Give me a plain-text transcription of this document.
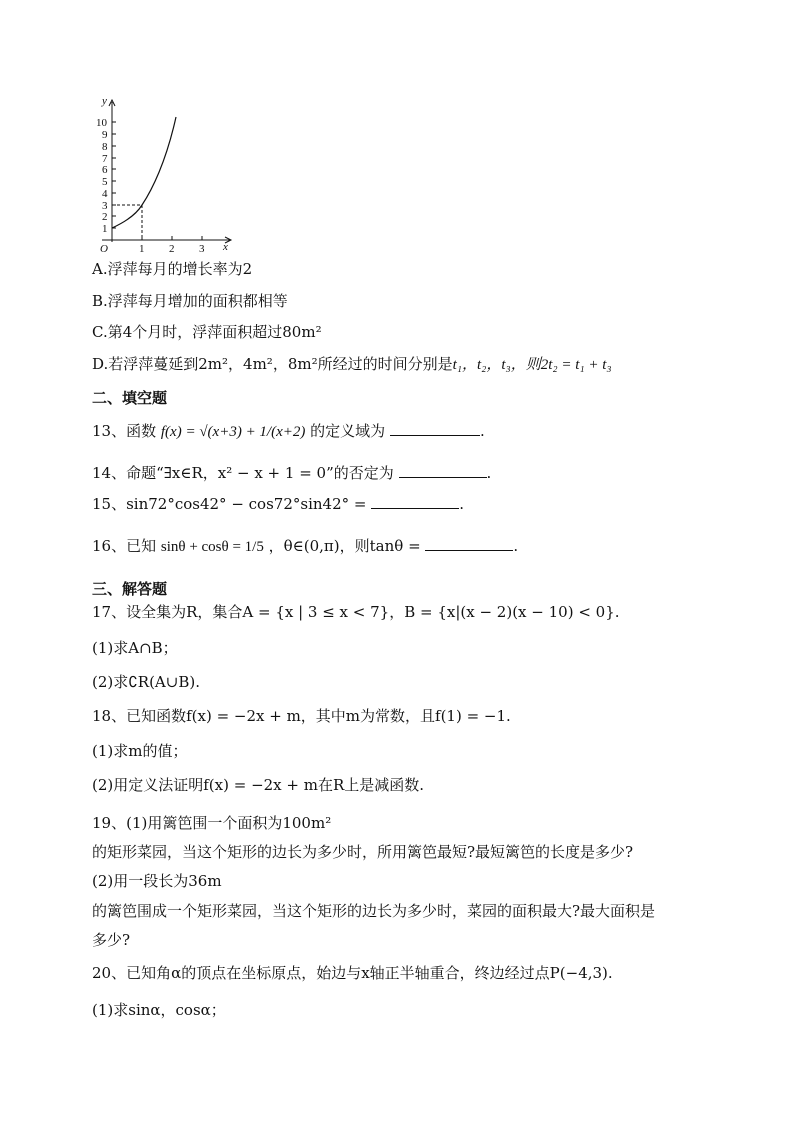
y
x
O
10
9
8
7
6
5
4
3
2
1
1 2 3
A.浮萍每月的增长率为2
B.浮萍每月增加的面积都相等
C.第4个月时，浮萍面积超过80m²
D.若浮萍蔓延到2m²，4m²，8m²所经过的时间分别是t₁，t₂，t₃，则2t₂ = t₁ + t₃
二、填空题
13、函数 f(x) = √(x+3) + 1/(x+2) 的定义域为	.
14、命题“∃x∈R，x² − x + 1 = 0”的否定为	.
15、sin72°cos42° − cos72°sin42° =	.
16、已知 sinθ + cosθ = 1/5 ，θ∈(0,π)，则tanθ =	.
三、解答题
17、设全集为R，集合A = {x | 3 ≤ x < 7}，B = {x|(x − 2)(x − 10) < 0}.
(1)求A∩B；
(2)求∁R(A∪B).
18、已知函数f(x) = −2x + m，其中m为常数，且f(1) = −1.
(1)求m的值；
(2)用定义法证明f(x) = −2x + m在R上是减函数.
19、(1)用篱笆围一个面积为100m²
的矩形菜园，当这个矩形的边长为多少时，所用篱笆最短?最短篱笆的长度是多少?
(2)用一段长为36m
的篱笆围成一个矩形菜园，当这个矩形的边长为多少时，菜园的面积最大?最大面积是
多少?
20、已知角α的顶点在坐标原点，始边与x轴正半轴重合，终边经过点P(−4,3).
(1)求sinα，cosα；
